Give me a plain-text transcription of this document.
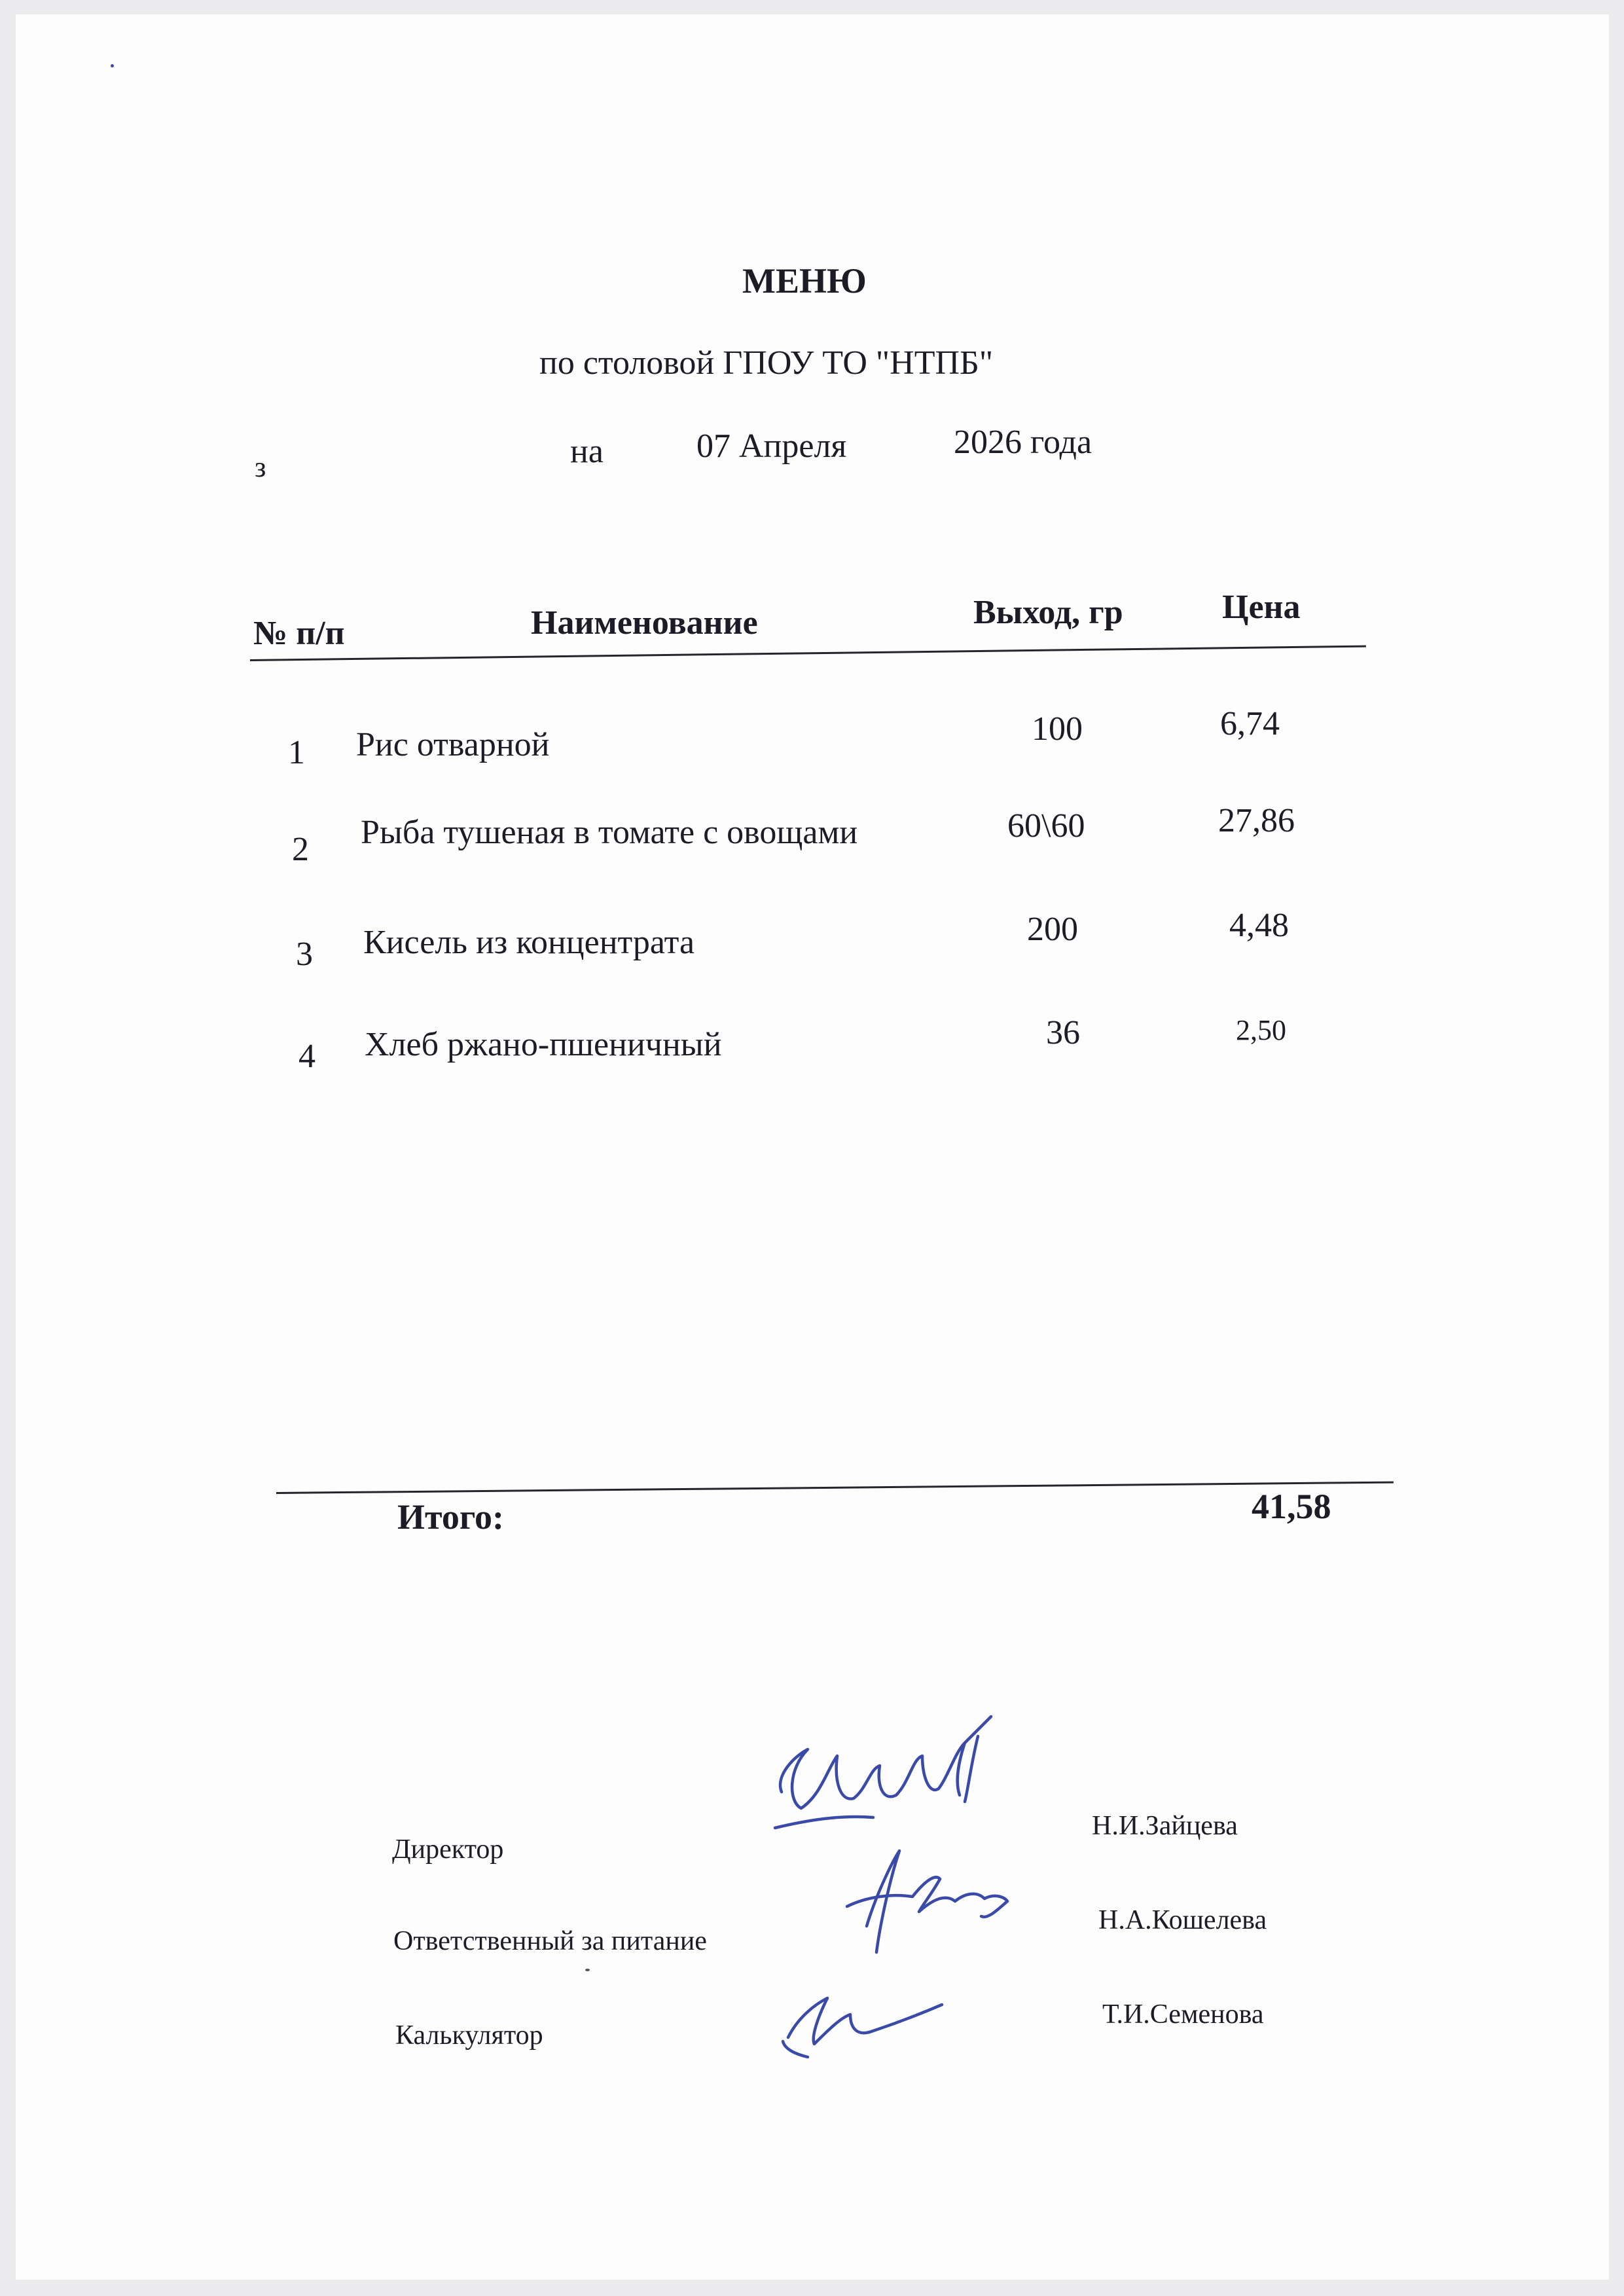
МЕНЮ
по столовой ГПОУ ТО "НТПБ"
з	на	07 Апреля	2026 года
№ п/п	Наименование	Выход, гр	Цена
1 Рис отварной	100	6,74
2 Рыба тушеная в томате с овощами	60\60	27,86
3 Кисель из концентрата	200	4,48
4 Хлеб ржано-пшеничный	36	2,50
Итого:	41,58
Директор
Ответственный за питание
Калькулятор
Н.И.Зайцева
Н.А.Кошелева
Т.И.Семенова
